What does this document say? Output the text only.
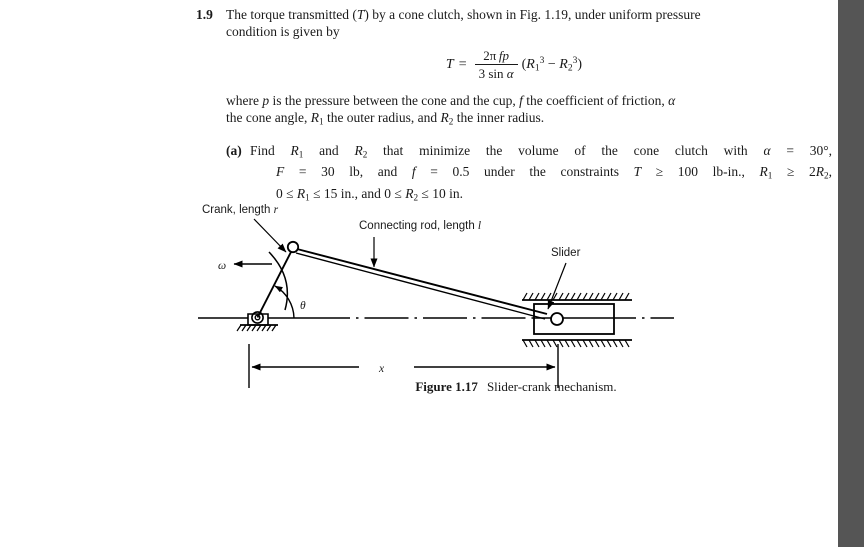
1.9 The torque transmitted (T) by a cone clutch, shown in Fig. 1.19, under uniform pressure

condition is given by

$T = \frac{\text{2π  fp}}{\text{3 sin α}} (R_1^3 - R_2^3)$

where p is the pressure between the cone and the cup, f the coefficient of friction, α

the cone angle, $R_1$ the outer radius, and $R_2$ the inner radius.

(a) Find $R_1$ and $R_2$ that minimize the volume of the cone clutch with α = 30°,

F = 30 lb, and f = 0.5 under the constraints T ≥ 100 lb-in., $R_1 \ge 2R_2$,

$0 \le R_1 \le 15$ in., and $0 \le R_2 \le 10$ in.

Crank, length r
Connecting rod, length l
Slider
ω
θ
x
Figure 1.17 Slider-crank mechanism.
